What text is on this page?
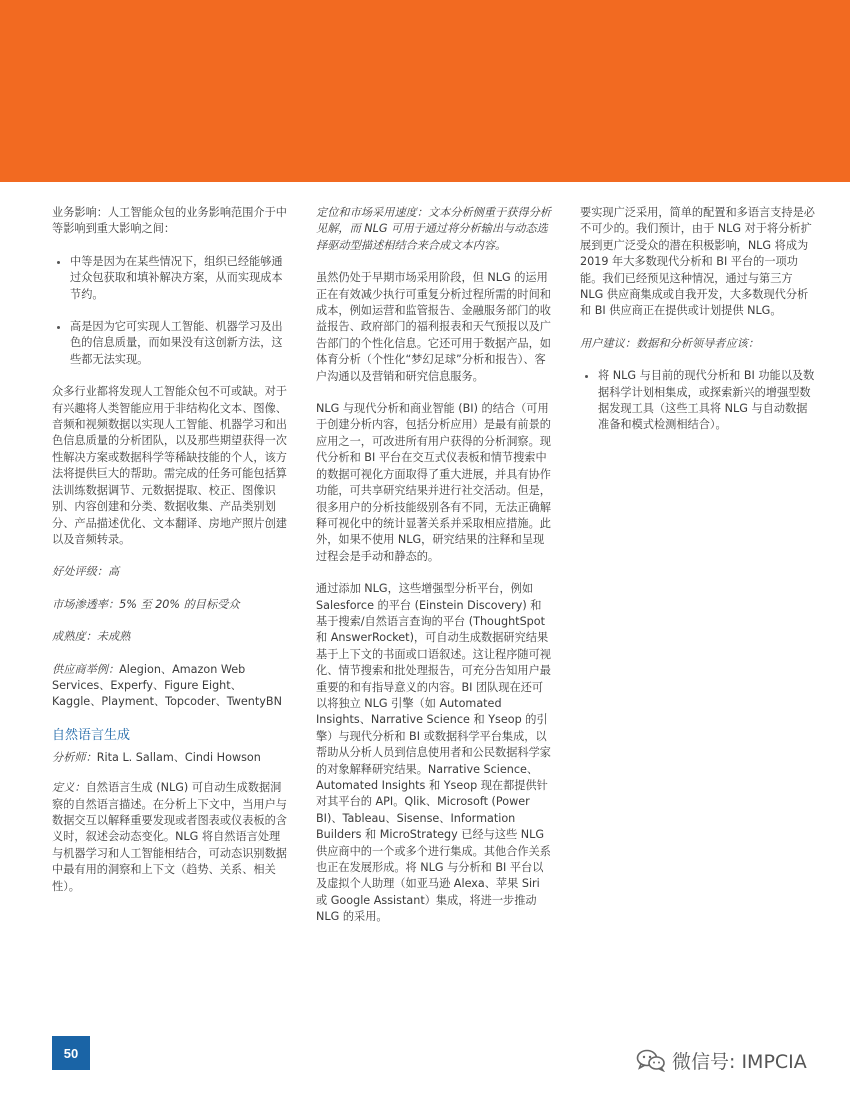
业务影响：人工智能众包的业务影响范围介于中等影响到重大影响之间：

• 中等是因为在某些情况下，组织已经能够通过众包获取和填补解决方案，从而实现成本节约。
• 高是因为它可实现人工智能、机器学习及出色的信息质量，而如果没有这创新方法，这些都无法实现。

众多行业都将发现人工智能众包不可或缺。对于有兴趣将人类智能应用于非结构化文本、图像、音频和视频数据以实现人工智能、机器学习和出色信息质量的分析团队，以及那些期望获得一次性解决方案或数据科学等稀缺技能的个人，该方法将提供巨大的帮助。需完成的任务可能包括算法训练数据调节、元数据提取、校正、图像识别、内容创建和分类、数据收集、产品类别划分、产品描述优化、文本翻译、房地产照片创建以及音频转录。

好处评级：高

市场渗透率：5% 至 20% 的目标受众

成熟度：未成熟

供应商举例：Alegion、Amazon Web Services、Experfy、Figure Eight、Kaggle、Playment、Topcoder、TwentyBN

自然语言生成

分析师：Rita L. Sallam、Cindi Howson

定义：自然语言生成 (NLG) 可自动生成数据洞察的自然语言描述。在分析上下文中，当用户与数据交互以解释重要发现或者图表或仪表板的含义时，叙述会动态变化。NLG 将自然语言处理与机器学习和人工智能相结合，可动态识别数据中最有用的洞察和上下文（趋势、关系、相关性）。

定位和市场采用速度：文本分析侧重于获得分析见解，而 NLG 可用于通过将分析输出与动态选择驱动型描述相结合来合成文本内容。

虽然仍处于早期市场采用阶段，但 NLG 的运用正在有效减少执行可重复分析过程所需的时间和成本，例如运营和监管报告、金融服务部门的收益报告、政府部门的福利报表和天气预报以及广告部门的个性化信息。它还可用于数据产品，如体育分析（个性化“梦幻足球”分析和报告）、客户沟通以及营销和研究信息服务。

NLG 与现代分析和商业智能 (BI) 的结合（可用于创建分析内容，包括分析应用）是最有前景的应用之一，可改进所有用户获得的分析洞察。现代分析和 BI 平台在交互式仪表板和情节搜索中的数据可视化方面取得了重大进展，并具有协作功能，可共享研究结果并进行社交活动。但是，很多用户的分析技能级别各有不同，无法正确解释可视化中的统计显著关系并采取相应措施。此外，如果不使用 NLG，研究结果的注释和呈现过程会是手动和静态的。

通过添加 NLG，这些增强型分析平台，例如 Salesforce 的平台 (Einstein Discovery) 和基于搜索/自然语言查询的平台 (ThoughtSpot 和 AnswerRocket)，可自动生成数据研究结果基于上下文的书面或口语叙述。这让程序随可视化、情节搜索和批处理报告，可充分告知用户最重要的和有指导意义的内容。BI 团队现在还可以将独立 NLG 引擎（如 Automated Insights、Narrative Science 和 Yseop 的引擎）与现代分析和 BI 或数据科学平台集成，以帮助从分析人员到信息使用者和公民数据科学家的对象解释研究结果。Narrative Science、Automated Insights 和 Yseop 现在都提供针对其平台的 API。Qlik、Microsoft (Power BI)、Tableau、Sisense、Information Builders 和 MicroStrategy 已经与这些 NLG 供应商中的一个或多个进行集成。其他合作关系也正在发展形成。将 NLG 与分析和 BI 平台以及虚拟个人助理（如亚马逊 Alexa、苹果 Siri 或 Google Assistant）集成，将进一步推动 NLG 的采用。

要实现广泛采用，简单的配置和多语言支持是必不可少的。我们预计，由于 NLG 对于将分析扩展到更广泛受众的潜在积极影响，NLG 将成为 2019 年大多数现代分析和 BI 平台的一项功能。我们已经预见这种情况，通过与第三方 NLG 供应商集成或自我开发，大多数现代分析和 BI 供应商正在提供或计划提供 NLG。

用户建议：数据和分析领导者应该：

• 将 NLG 与目前的现代分析和 BI 功能以及数据科学计划相集成，或探索新兴的增强型数据发现工具（这些工具将 NLG 与自动数据准备和模式检测相结合）。
50	微信号: IMPCIA
